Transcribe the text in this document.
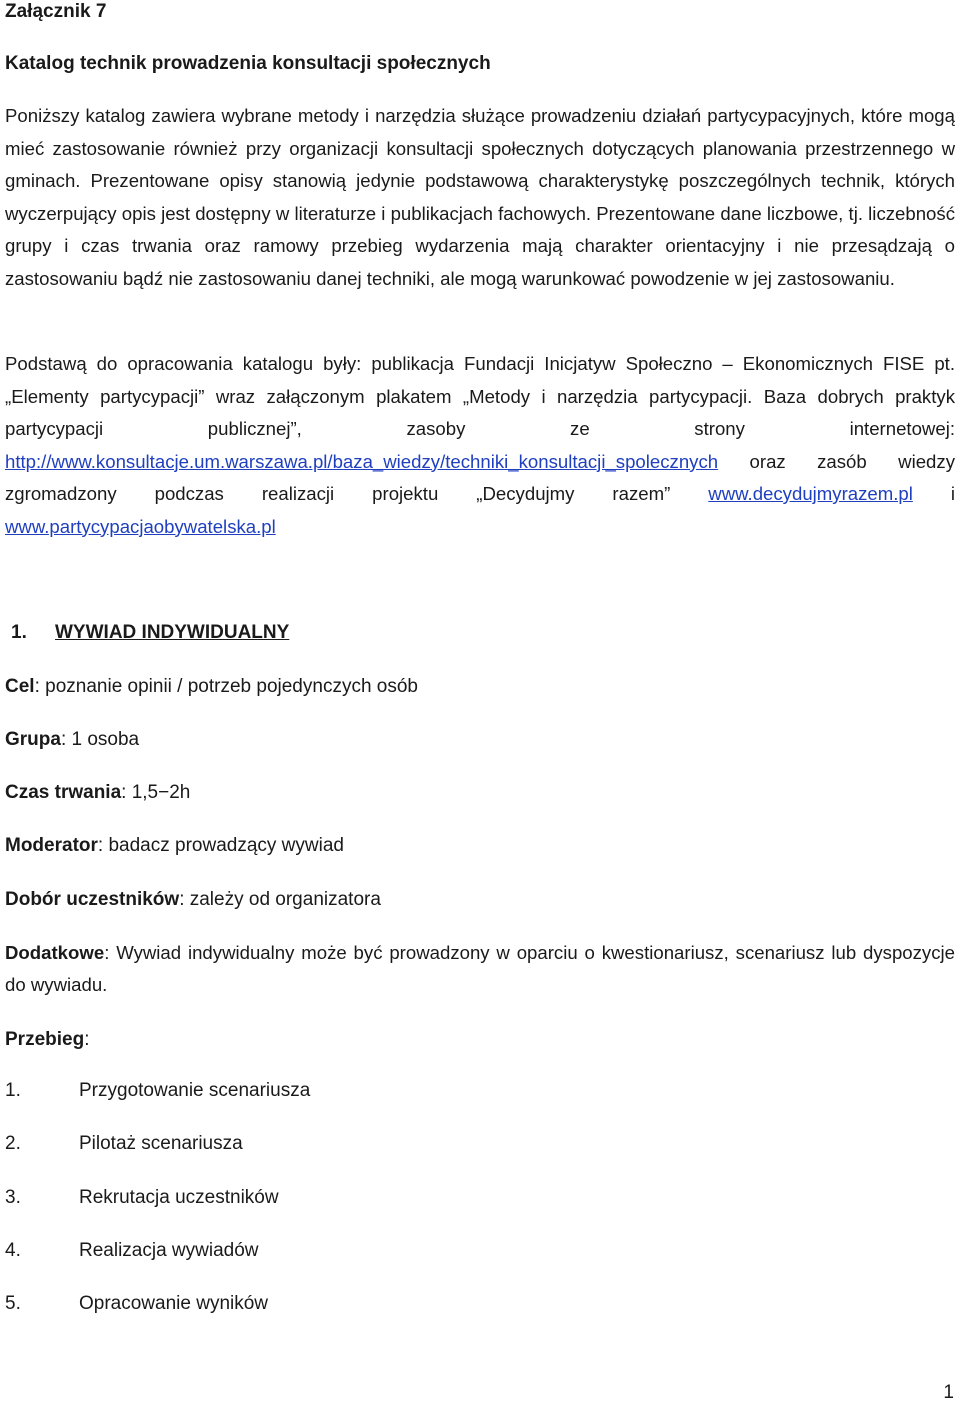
Załącznik 7
Katalog technik prowadzenia konsultacji społecznych
Poniższy katalog zawiera wybrane metody i narzędzia służące prowadzeniu działań partycypacyjnych, które mogą mieć zastosowanie również przy organizacji konsultacji społecznych dotyczących planowania przestrzennego w gminach. Prezentowane opisy stanowią jedynie podstawową charakterystykę poszczególnych technik, których wyczerpujący opis jest dostępny w literaturze i publikacjach fachowych. Prezentowane dane liczbowe, tj. liczebność grupy i czas trwania oraz ramowy przebieg wydarzenia mają charakter orientacyjny i nie przesądzają o zastosowaniu bądź nie zastosowaniu danej techniki, ale mogą warunkować powodzenie w jej zastosowaniu.
Podstawą do opracowania katalogu były: publikacja Fundacji Inicjatyw Społeczno – Ekonomicznych FISE pt. „Elementy partycypacji” wraz załączonym plakatem „Metody i narzędzia partycypacji. Baza dobrych praktyk partycypacji publicznej”, zasoby ze strony internetowej: http://www.konsultacje.um.warszawa.pl/baza_wiedzy/techniki_konsultacji_spolecznych oraz zasób wiedzy zgromadzony podczas realizacji projektu „Decydujmy razem” www.decydujmyrazem.pl i www.partycypacjaobywatelska.pl
1. WYWIAD INDYWIDUALNY
Cel: poznanie opinii / potrzeb pojedynczych osób
Grupa: 1 osoba
Czas trwania: 1,5−2h
Moderator: badacz prowadzący wywiad
Dobór uczestników: zależy od organizatora
Dodatkowe: Wywiad indywidualny może być prowadzony w oparciu o kwestionariusz, scenariusz lub dyspozycje do wywiadu.
Przebieg:
1.	Przygotowanie scenariusza
2.	Pilotaż scenariusza
3.	Rekrutacja uczestników
4.	Realizacja wywiadów
5.	Opracowanie wyników
1
